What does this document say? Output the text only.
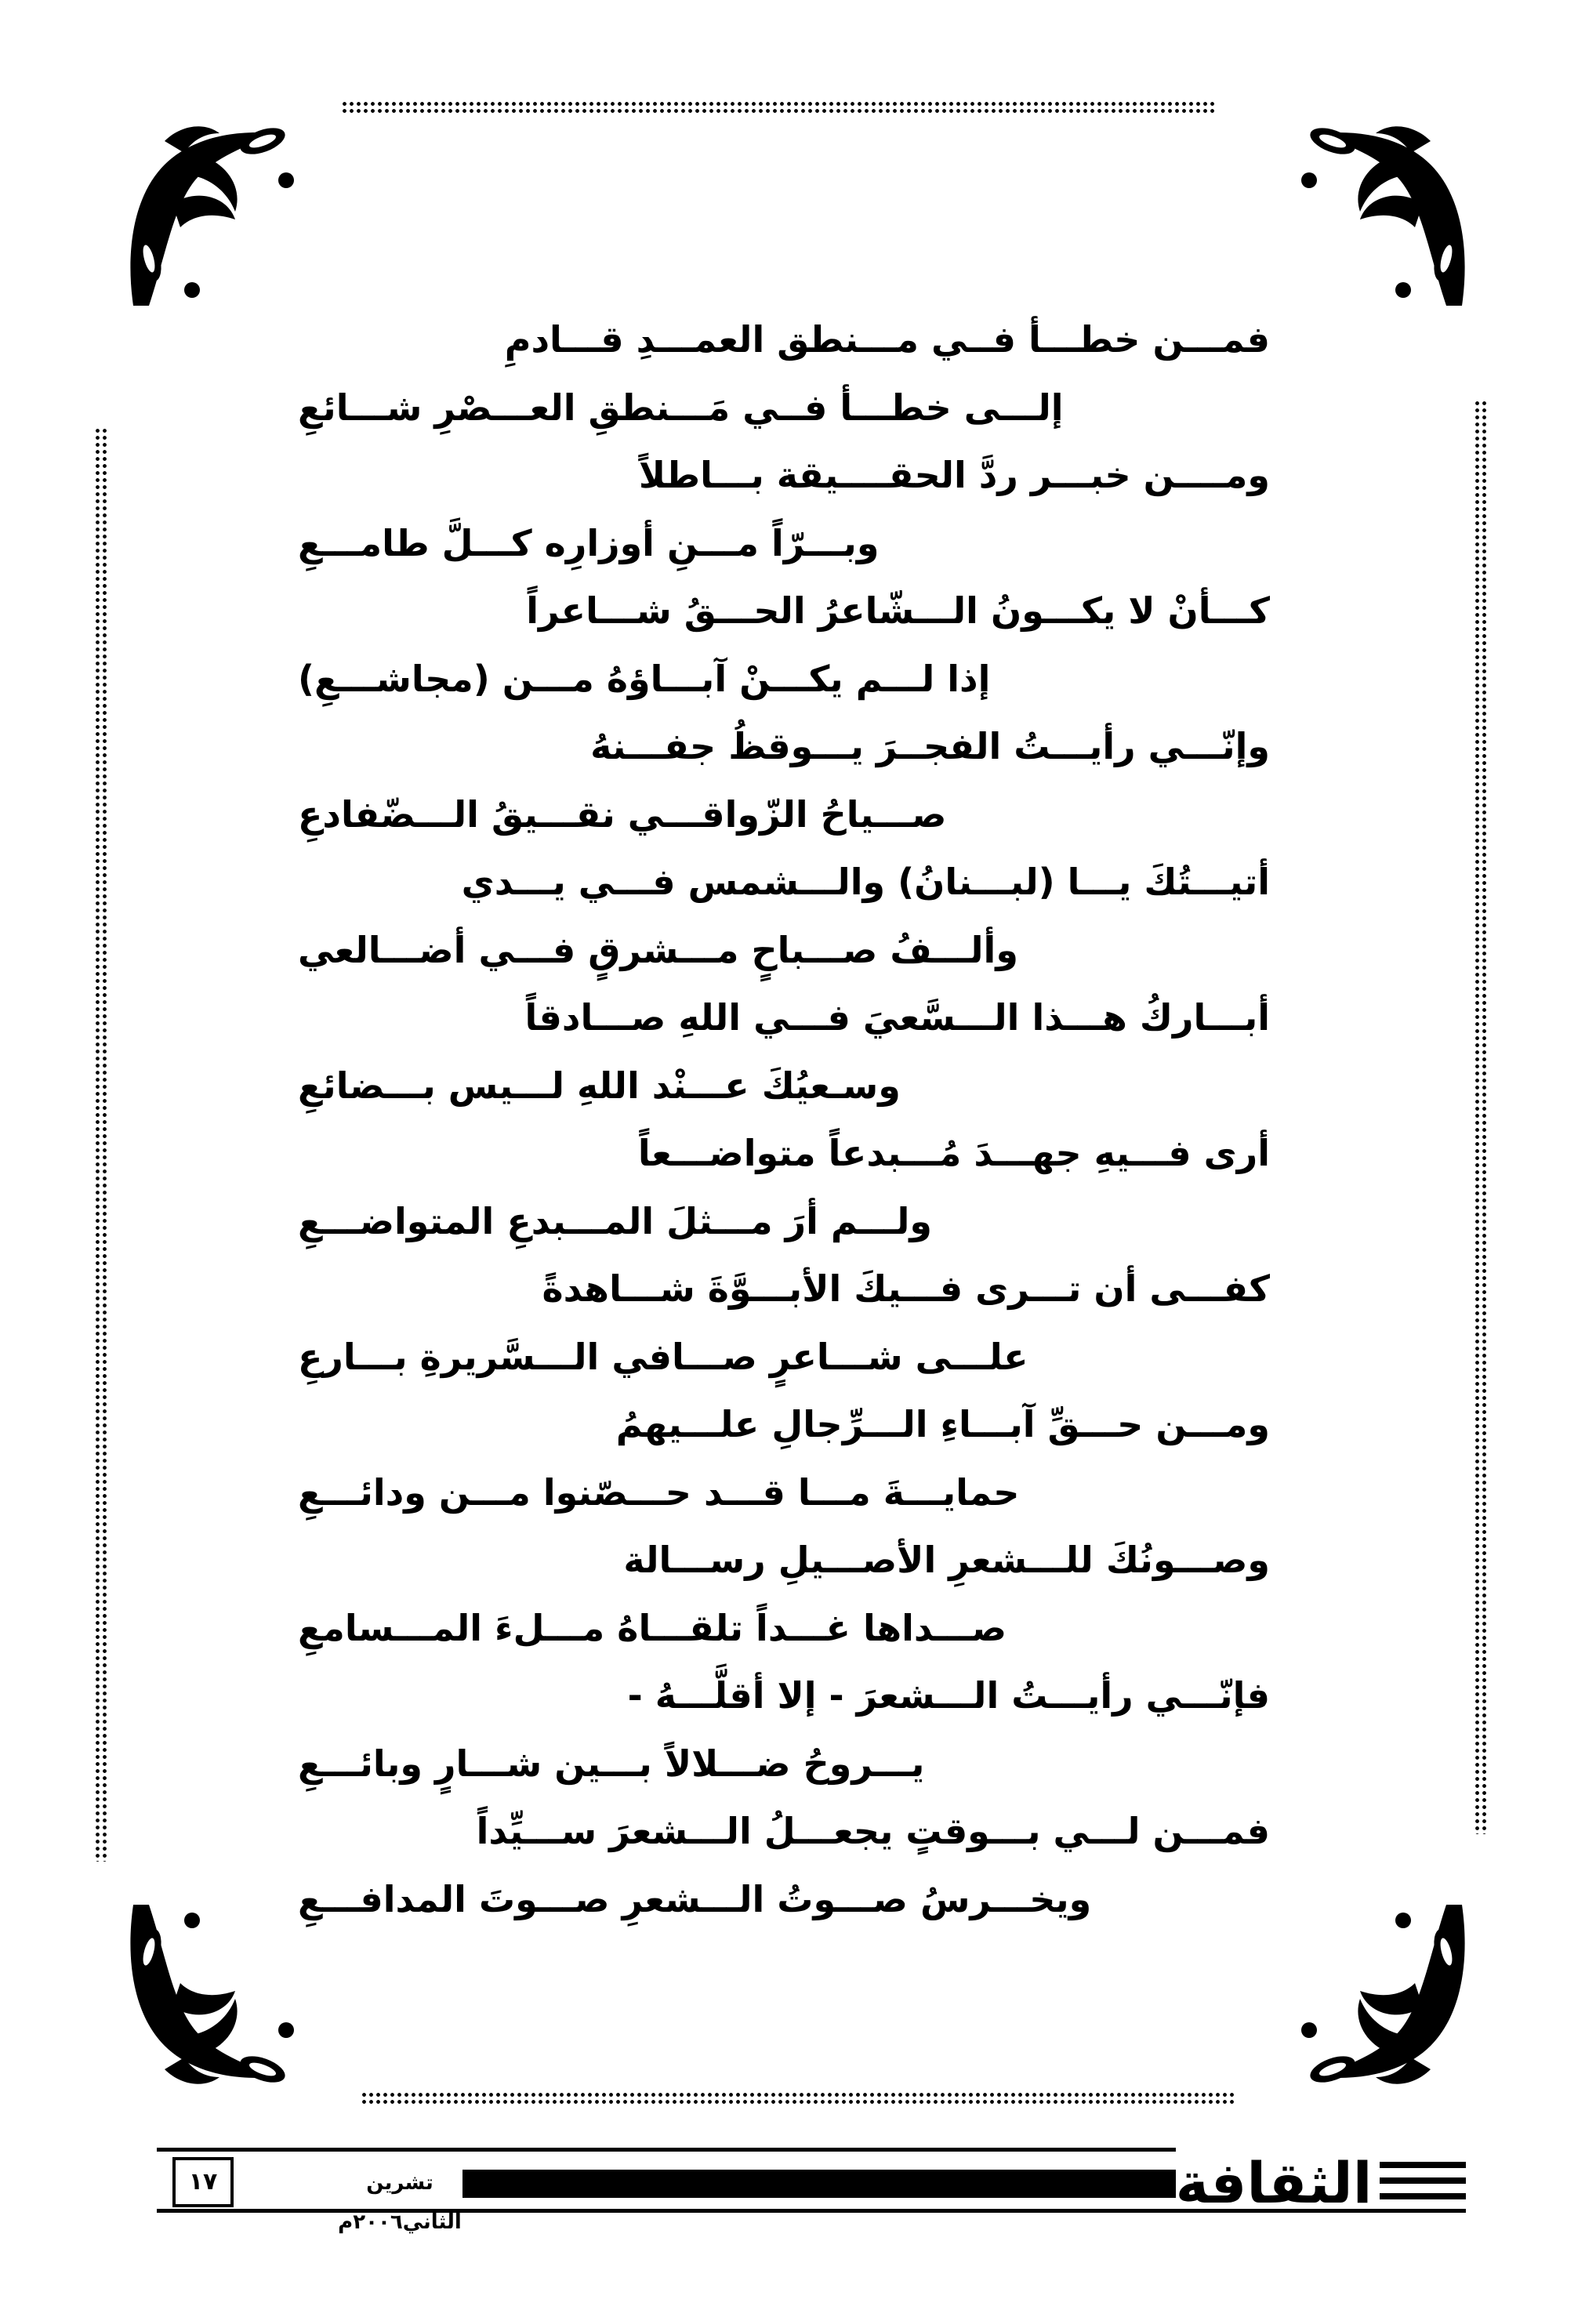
فمـــن خطـــأ فــي مـــنطق العمـــدِ قـــادمِ
إلـــى خطـــأ فــي مَـــنطقِ العـــصْرِ شـــائعِ
ومــــن خبـــر ردَّ الحقــــيقة بـــاطلاً
وبـــرّاً مـــنِ أوزارِه كـــلَّ طامـــعِ
كـــأنْ لا يكـــونُ الـــشّاعرُ الحـــقُ شـــاعراً
إذا لـــم يكـــنْ آبـــاؤهُ مـــن (مجاشـــعِ)
وإنّـــي رأيـــتُ الفجــرَ يـــوقظُ جفـــنهُ
صـــياحُ الزّواقـــي نقـــيقُ الـــضّفادعِ
أتيـــتُكَ يـــا (لبـــنانُ) والـــشمس فـــي يـــدي
وألـــفُ صـــباحٍ مـــشرقٍ فـــي أضـــالعي
أبـــاركُ هـــذا الـــسَّعيَ فـــي اللهِ صـــادقاً
وسـعيُكَ عـــنْد اللهِ لـــيس بـــضائعِ
أرى فـــيهِ جهـــدَ مُـــبدعاً متواضـــعاً
ولـــم أرَ مـــثلَ المـــبدعِ المتواضـــعِ
كفـــى أن تـــرى فـــيكَ الأبـــوَّةَ شـــاهدةً
علـــى شـــاعرٍ صـــافي الـــسَّريرةِ بـــارعِ
ومـــن حـــقِّ آبـــاءِ الـــرِّجالِ علـــيهمُ
حمايـــةَ مـــا قـــد حـــصّنوا مـــن ودائـــعِ
وصـــونُكَ للـــشعرِ الأصـــيلِ رســـالة
صـــداها غـــداً تلقـــاهُ مـــلءَ المـــسامعِ
فإنّـــي رأيـــتُ الـــشعرَ - إلا أقلَّـــهُ -
يـــروحُ ضـــلالاً بـــين شـــارٍ وبائـــعِ
فمـــن لـــي بـــوقتٍ يجعـــلُ الـــشعرَ ســـيِّداً
ويخـــرسُ صـــوتُ الـــشعرِ صـــوتَ المدافـــعِ
الثقافة
تشرين الثاني٢٠٠٦م
١٧
